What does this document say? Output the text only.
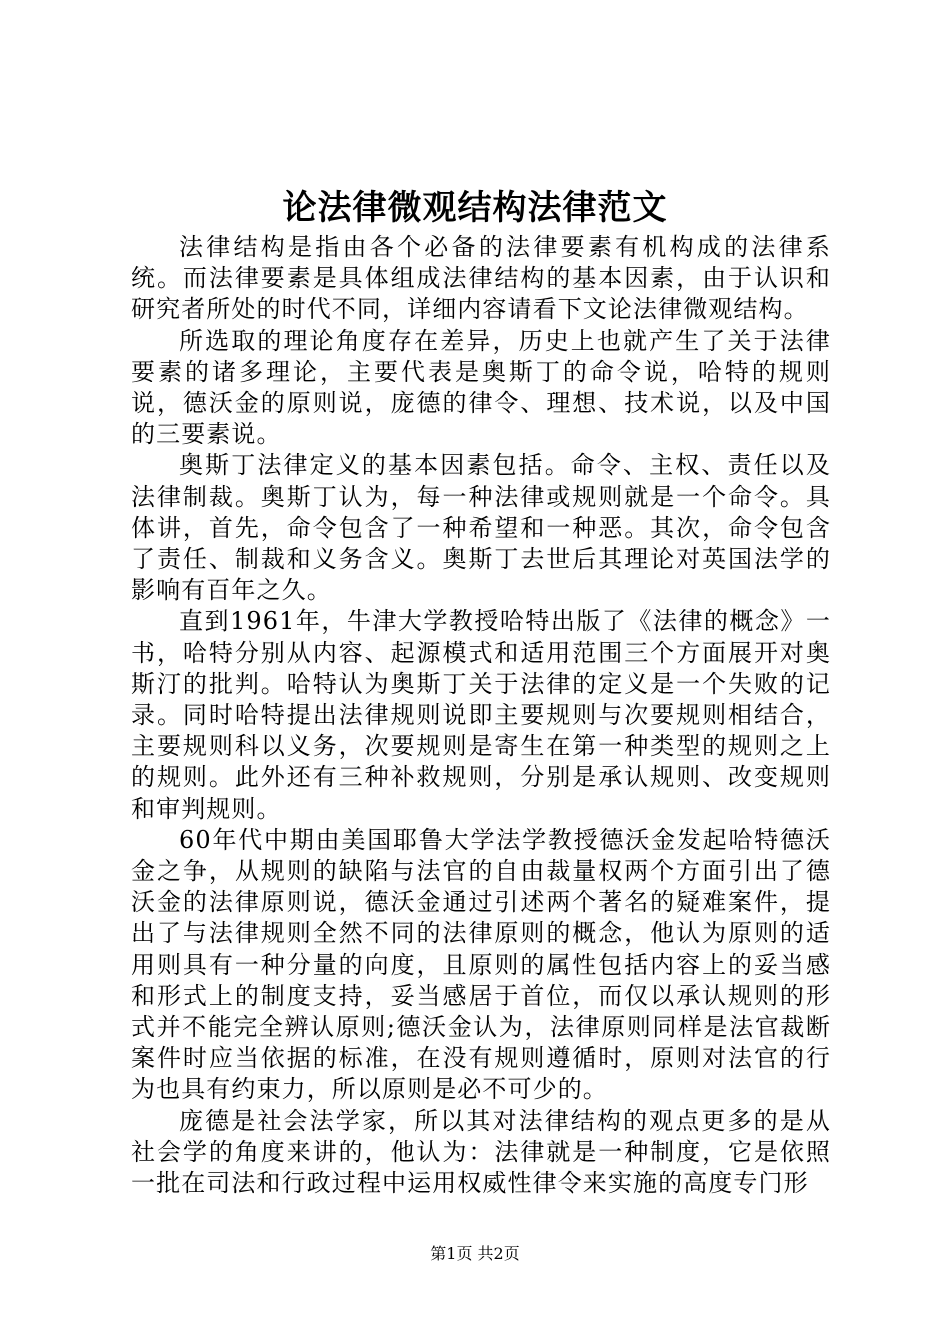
论法律微观结构法律范文

法律结构是指由各个必备的法律要素有机构成的法律系统。而法律要素是具体组成法律结构的基本因素，由于认识和研究者所处的时代不同，详细内容请看下文论法律微观结构。

所选取的理论角度存在差异，历史上也就产生了关于法律要素的诸多理论，主要代表是奥斯丁的命令说，哈特的规则说，德沃金的原则说，庞德的律令、理想、技术说，以及中国的三要素说。

奥斯丁法律定义的基本因素包括。命令、主权、责任以及法律制裁。奥斯丁认为，每一种法律或规则就是一个命令。具体讲，首先，命令包含了一种希望和一种恶。其次，命令包含了责任、制裁和义务含义。奥斯丁去世后其理论对英国法学的影响有百年之久。

直到1961年，牛津大学教授哈特出版了《法律的概念》一书，哈特分别从内容、起源模式和适用范围三个方面展开对奥斯汀的批判。哈特认为奥斯丁关于法律的定义是一个失败的记录。同时哈特提出法律规则说即主要规则与次要规则相结合，主要规则科以义务，次要规则是寄生在第一种类型的规则之上的规则。此外还有三种补救规则，分别是承认规则、改变规则和审判规则。

60年代中期由美国耶鲁大学法学教授德沃金发起哈特德沃金之争，从规则的缺陷与法官的自由裁量权两个方面引出了德沃金的法律原则说，德沃金通过引述两个著名的疑难案件，提出了与法律规则全然不同的法律原则的概念，他认为原则的适用则具有一种分量的向度，且原则的属性包括内容上的妥当感和形式上的制度支持，妥当感居于首位，而仅以承认规则的形式并不能完全辨认原则;德沃金认为，法律原则同样是法官裁断案件时应当依据的标准，在没有规则遵循时，原则对法官的行为也具有约束力，所以原则是必不可少的。

庞德是社会法学家，所以其对法律结构的观点更多的是从社会学的角度来讲的，他认为：法律就是一种制度，它是依照一批在司法和行政过程中运用权威性律令来实施的高度专门形

第1页 共2页
